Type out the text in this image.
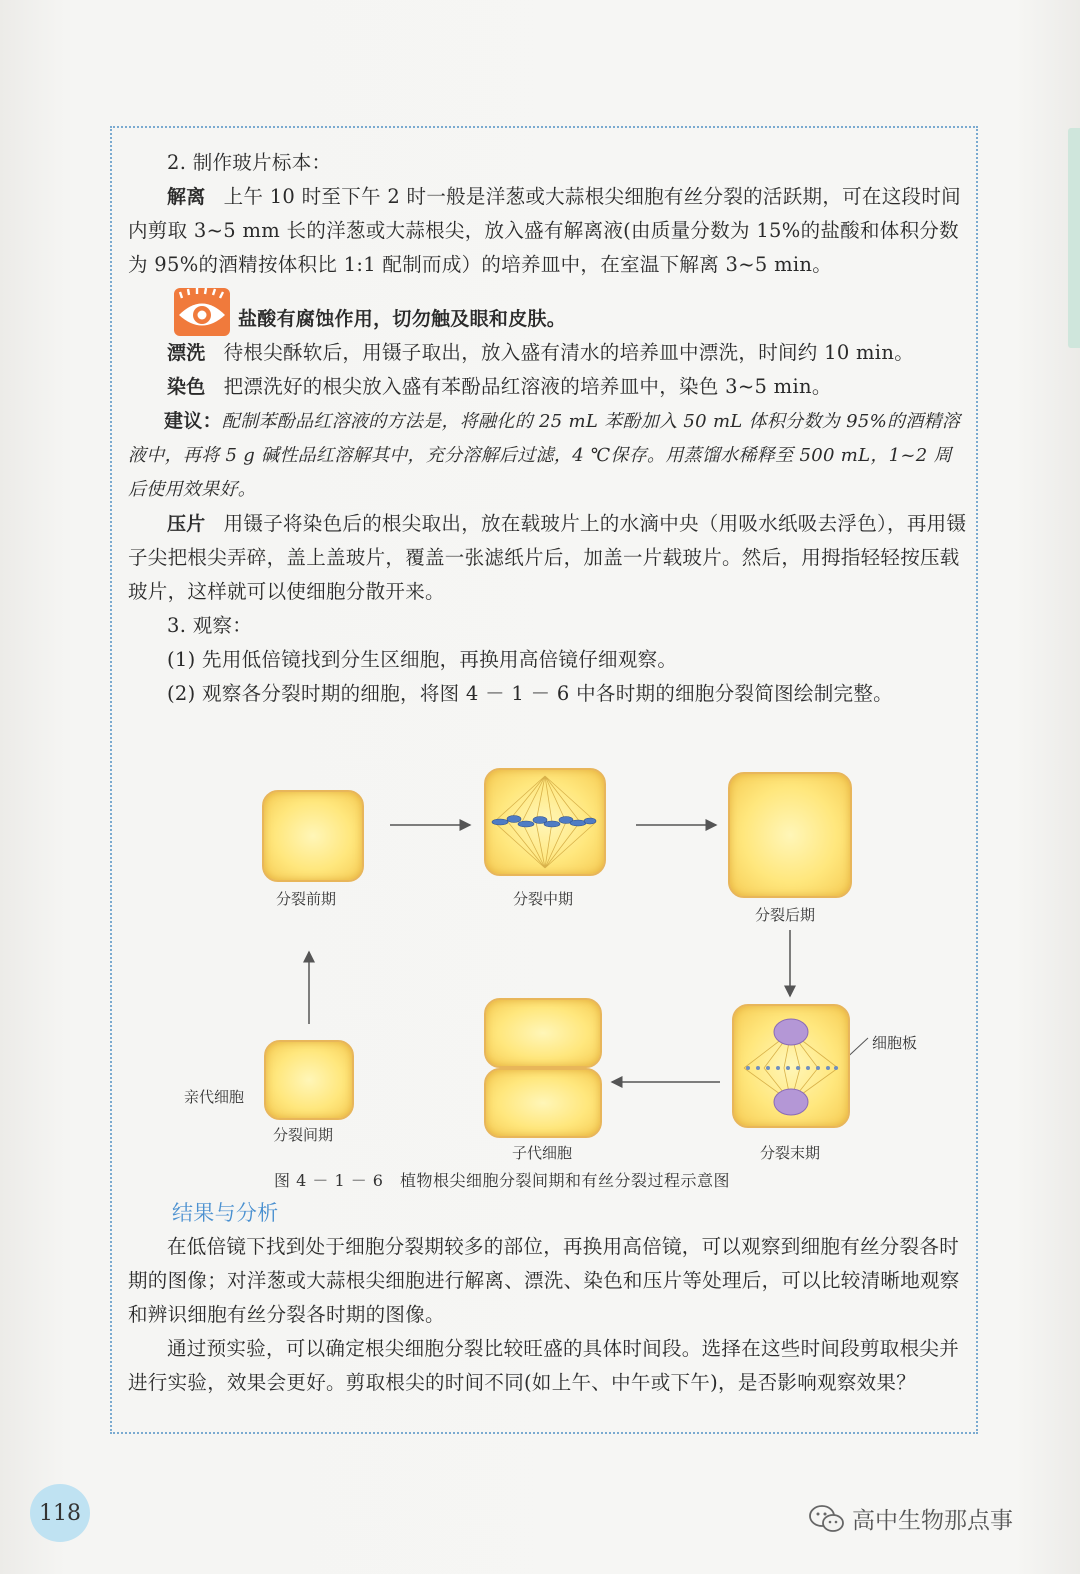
2. 制作玻片标本：

解离 上午 10 时至下午 2 时一般是洋葱或大蒜根尖细胞有丝分裂的活跃期，可在这段时间内剪取 3~5 mm 长的洋葱或大蒜根尖，放入盛有解离液(由质量分数为 15%的盐酸和体积分数为 95%的酒精按体积比 1:1 配制而成）的培养皿中，在室温下解离 3~5 min。

盐酸有腐蚀作用，切勿触及眼和皮肤。

漂洗 待根尖酥软后，用镊子取出，放入盛有清水的培养皿中漂洗，时间约 10 min。

染色 把漂洗好的根尖放入盛有苯酚品红溶液的培养皿中，染色 3~5 min。

建议：配制苯酚品红溶液的方法是，将融化的 25 mL 苯酚加入 50 mL 体积分数为 95%的酒精溶液中，再将 5 g 碱性品红溶解其中，充分溶解后过滤，4 ℃保存。用蒸馏水稀释至 500 mL，1~2 周后使用效果好。

压片 用镊子将染色后的根尖取出，放在载玻片上的水滴中央（用吸水纸吸去浮色），再用镊子尖把根尖弄碎，盖上盖玻片，覆盖一张滤纸片后，加盖一片载玻片。然后，用拇指轻轻按压载玻片，这样就可以使细胞分散开来。

3. 观察：

(1) 先用低倍镜找到分生区细胞，再换用高倍镜仔细观察。

(2) 观察各分裂时期的细胞，将图 4 － 1 － 6 中各时期的细胞分裂简图绘制完整。

分裂前期	分裂中期
分裂后期
细胞板
分裂末期
子代细胞
亲代细胞
分裂间期
图 4 － 1 － 6　植物根尖细胞分裂间期和有丝分裂过程示意图

结果与分析

在低倍镜下找到处于细胞分裂期较多的部位，再换用高倍镜，可以观察到细胞有丝分裂各时期的图像；对洋葱或大蒜根尖细胞进行解离、漂洗、染色和压片等处理后，可以比较清晰地观察和辨识细胞有丝分裂各时期的图像。

通过预实验，可以确定根尖细胞分裂比较旺盛的具体时间段。选择在这些时间段剪取根尖并进行实验，效果会更好。剪取根尖的时间不同(如上午、中午或下午)，是否影响观察效果？

118	高中生物那点事
